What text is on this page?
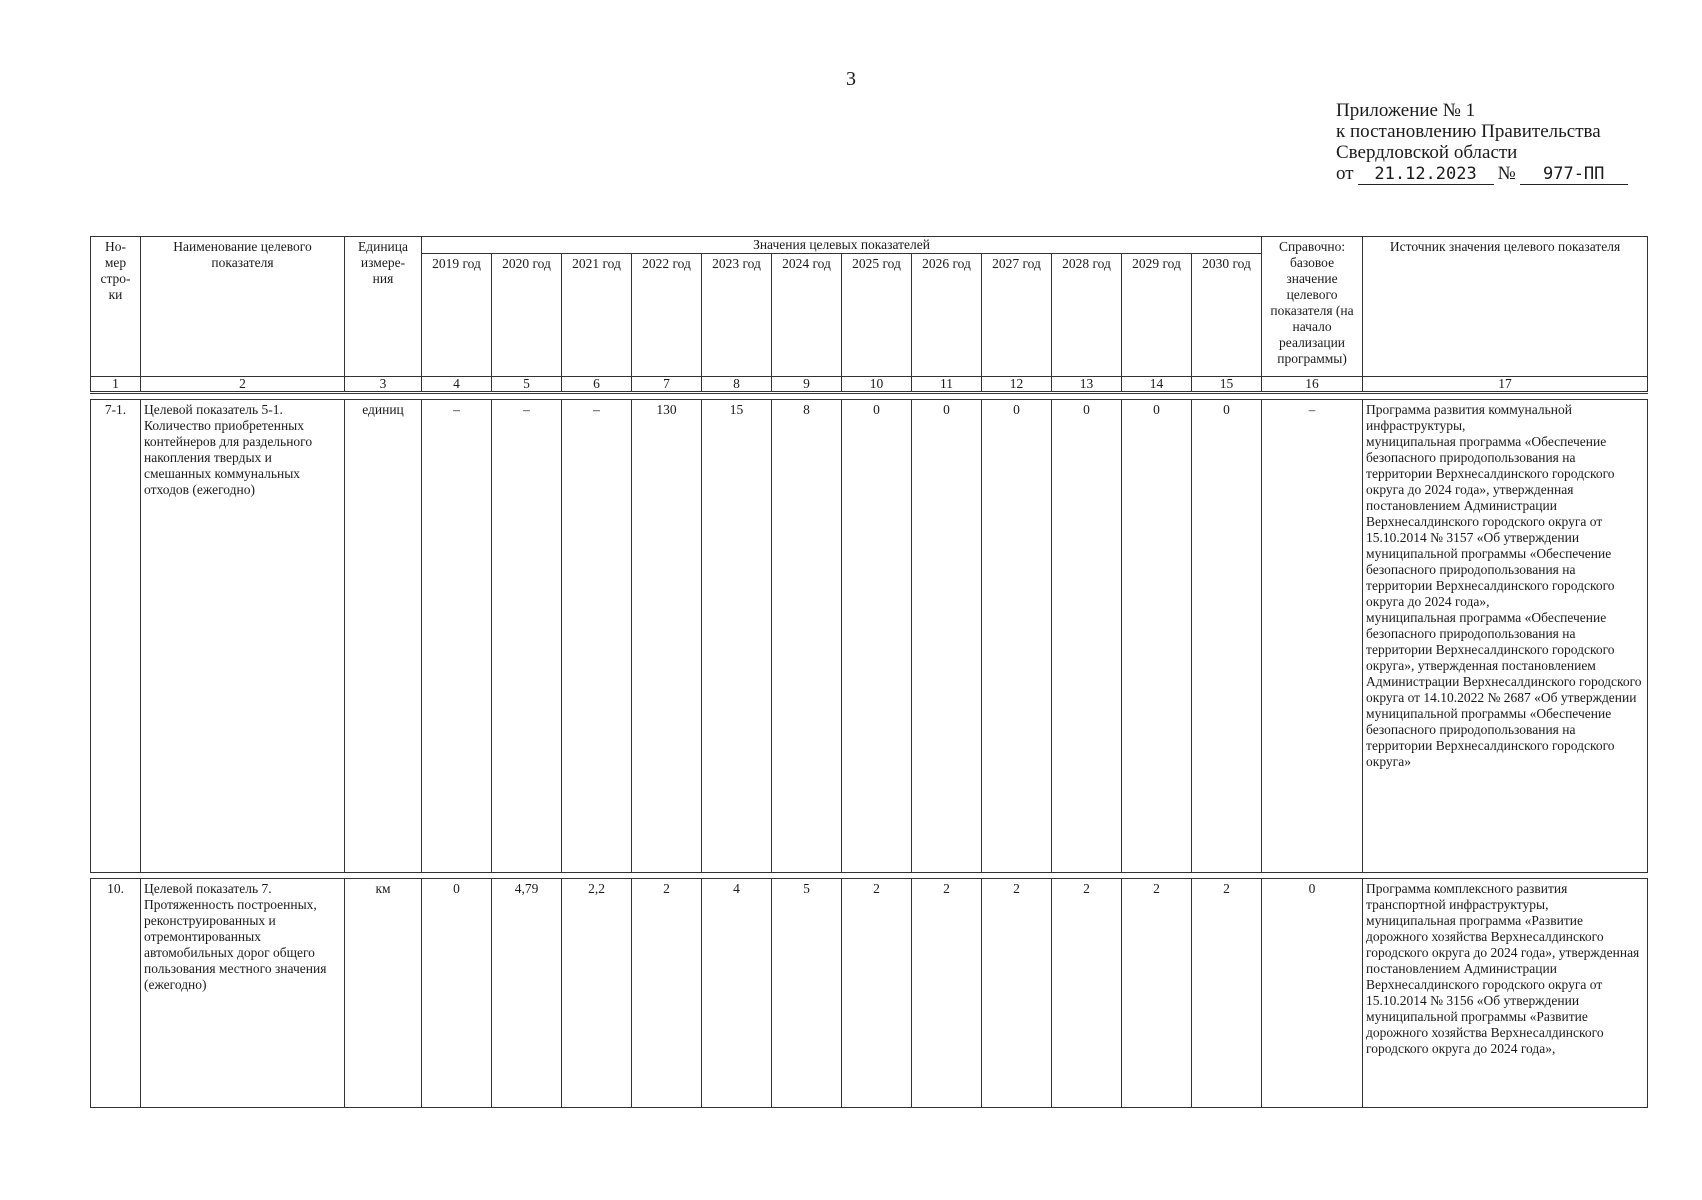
3
Приложение № 1
к постановлению Правительства
Свердловской области
от 21.12.2023 № 977-ПП
Но-
мер
стро-
ки	Наименование целевого показателя	Единица измере-
ния	Значения целевых показателей												Справочно: базовое значение целевого показателя (на начало реализации программы)	Источник значения целевого показателя
			2019 год	2020 год	2021 год	2022 год	2023 год	2024 год	2025 год	2026 год	2027 год	2028 год	2029 год	2030 год		
1	2	3	4	5	6	7	8	9	10	11	12	13	14	15	16	17

7-1.	Целевой показатель 5-1. Количество приобретенных контейнеров для раздельного накопления твердых и смешанных коммунальных отходов (ежегодно)	единиц	–	–	–	130	15	8	0	0	0	0	0	0	–	Программа развития коммунальной инфраструктуры,
муниципальная программа «Обеспечение безопасного природопользования на территории Верхнесалдинского городского округа до 2024 года», утвержденная постановлением Администрации Верхнесалдинского городского округа от 15.10.2014 № 3157 «Об утверждении муниципальной программы «Обеспечение безопасного природопользования на территории Верхнесалдинского городского округа до 2024 года»,
муниципальная программа «Обеспечение безопасного природопользования на территории Верхнесалдинского городского округа», утвержденная постановлением Администрации Верхнесалдинского городского округа от 14.10.2022 № 2687 «Об утверждении муниципальной программы «Обеспечение безопасного природопользования на территории Верхнесалдинского городского округа»

10.	Целевой показатель 7. Протяженность построенных, реконструированных и отремонтированных автомобильных дорог общего пользования местного значения (ежегодно)	км	0	4,79	2,2	2	4	5	2	2	2	2	2	2	0	Программа комплексного развития транспортной инфраструктуры,
муниципальная программа «Развитие дорожного хозяйства Верхнесалдинского городского округа до 2024 года», утвержденная постановлением Администрации Верхнесалдинского городского округа от 15.10.2014 № 3156 «Об утверждении муниципальной программы «Развитие дорожного хозяйства Верхнесалдинского городского округа до 2024 года»,
